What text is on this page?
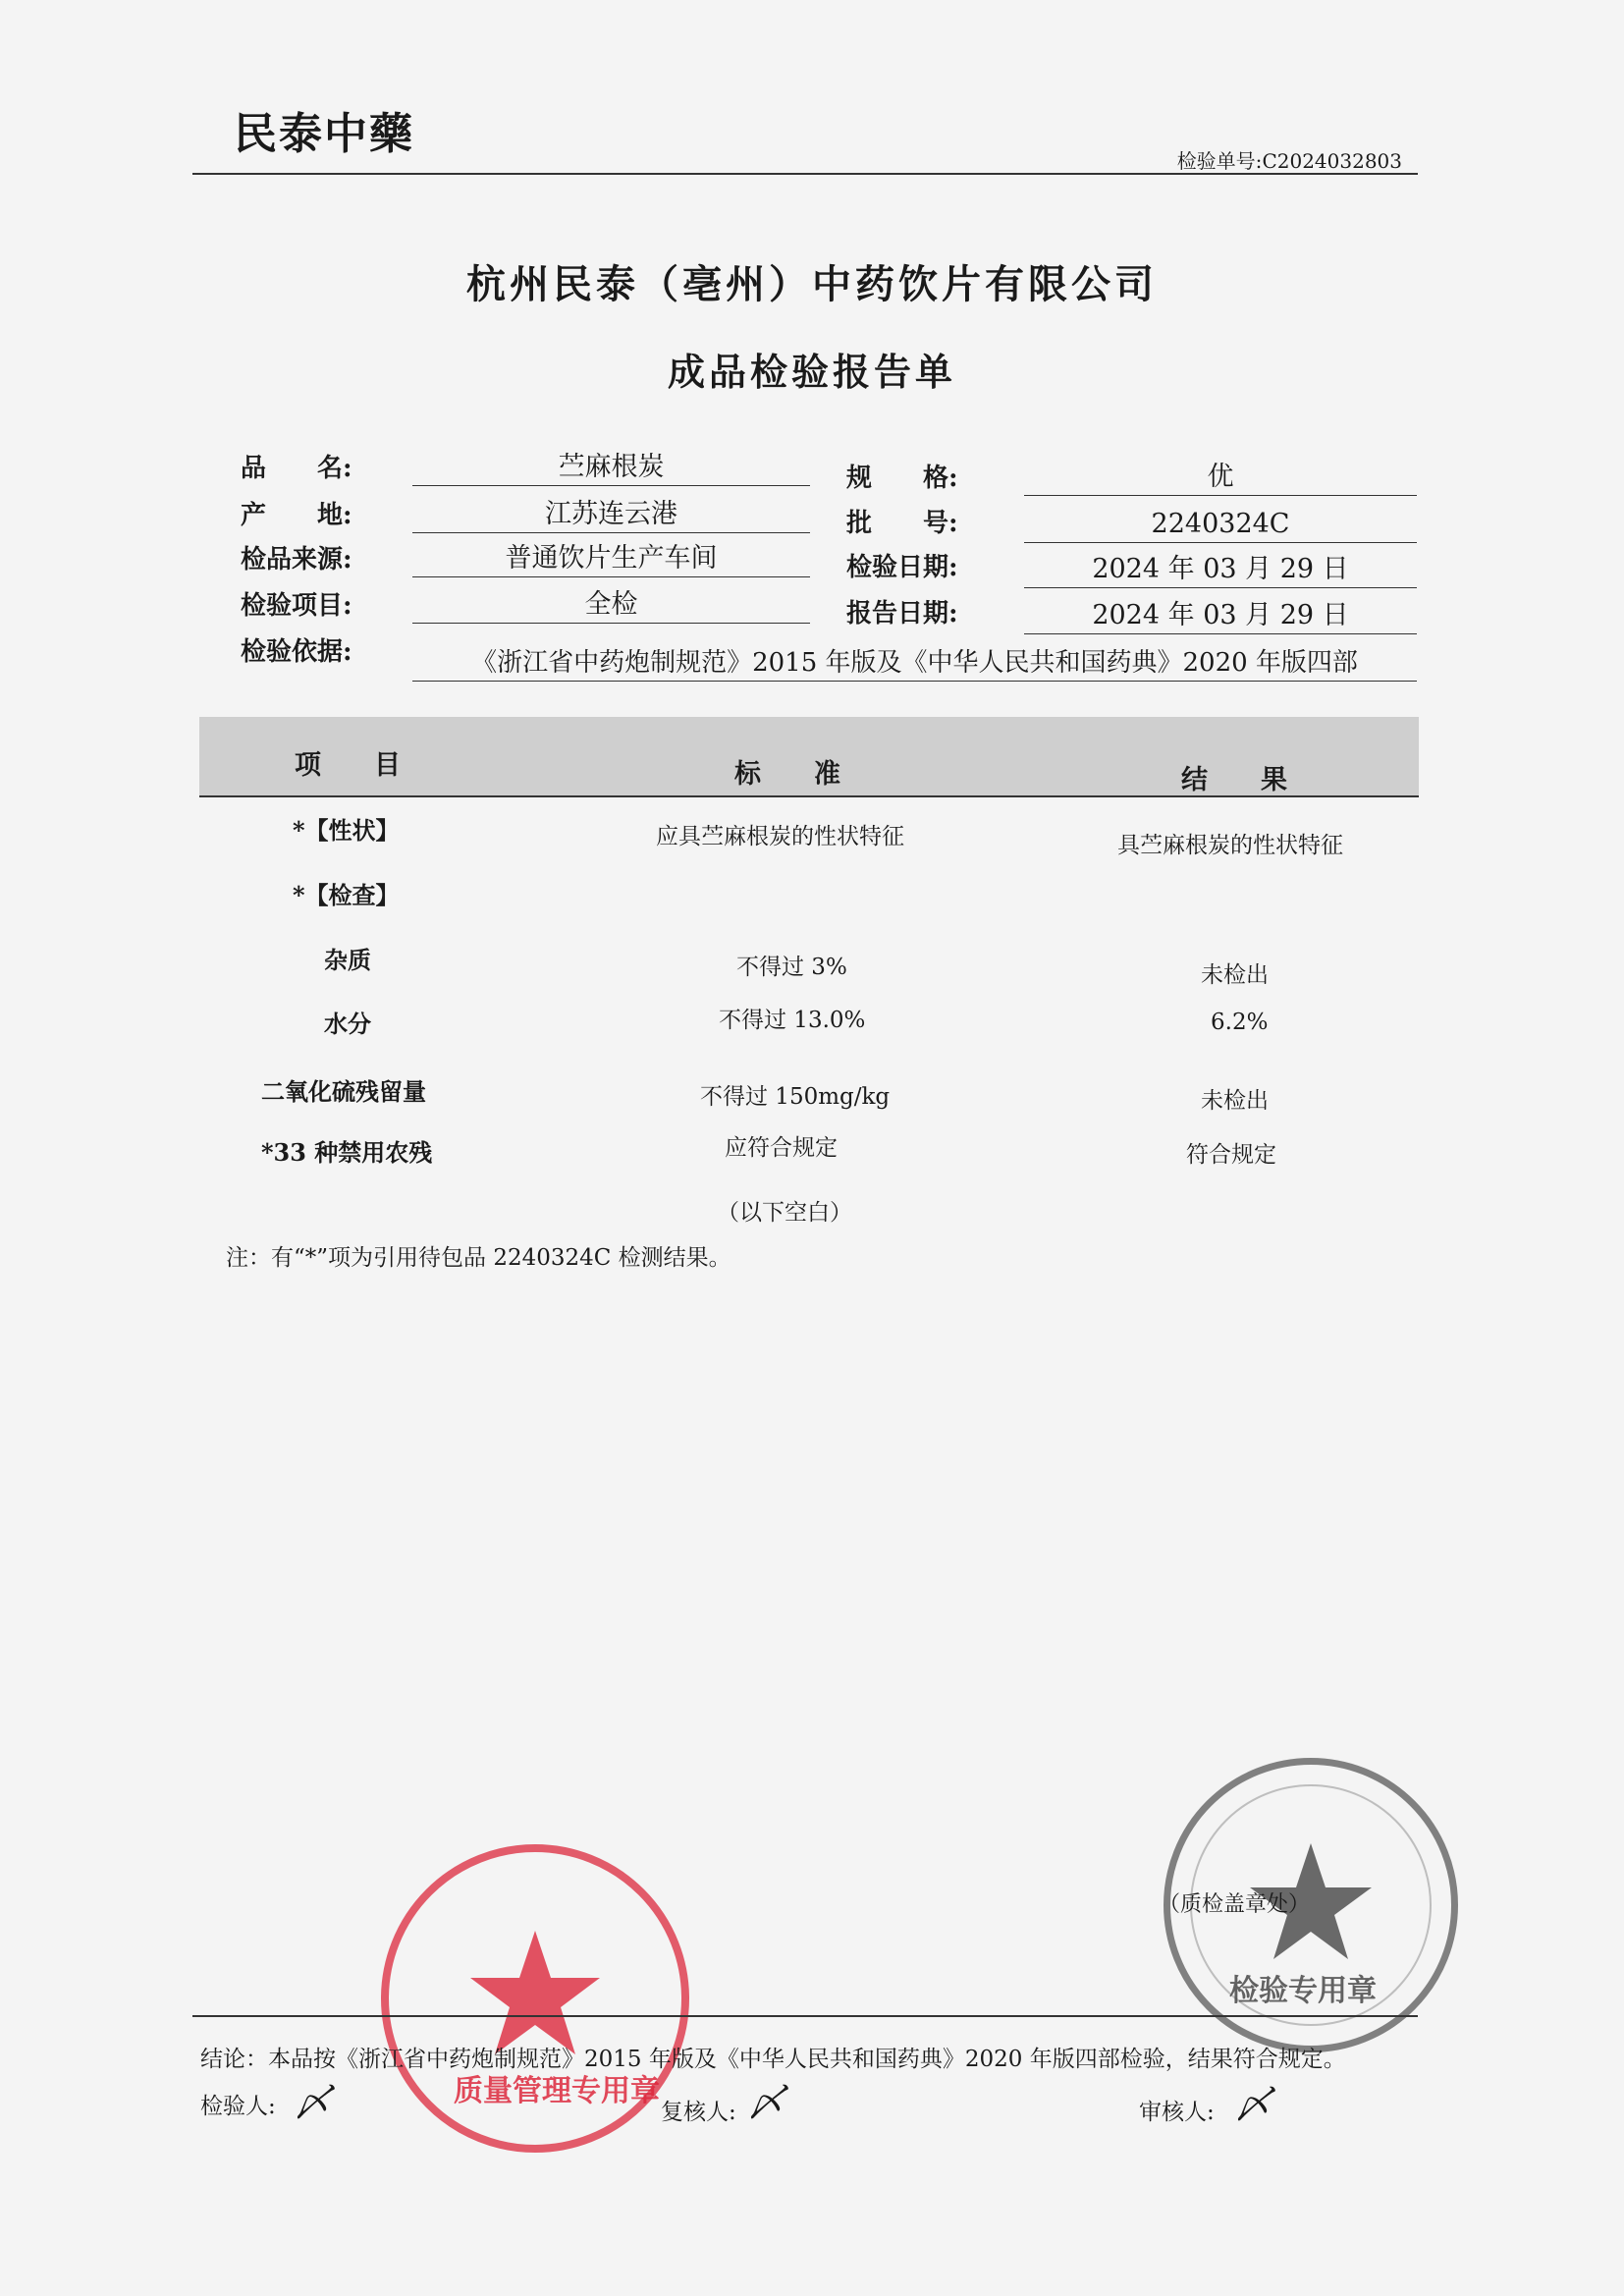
民泰中藥
检验单号:C2024032803
杭州民泰（亳州）中药饮片有限公司
成品检验报告单
品　　名:	苎麻根炭
产　　地:	江苏连云港
检品来源:	普通饮片生产车间
检验项目:	全检
规　　格:	优
批　　号:	2240324C
检验日期:	2024 年 03 月 29 日
报告日期:	2024 年 03 月 29 日
检验依据:	《浙江省中药炮制规范》2015 年版及《中华人民共和国药典》2020 年版四部
项　　目	标　　准	结　　果
*【性状】	应具苎麻根炭的性状特征	具苎麻根炭的性状特征
*【检查】
杂质	不得过 3%	未检出
水分	不得过 13.0%	6.2%
二氧化硫残留量	不得过 150mg/kg	未检出
*33 种禁用农残	应符合规定	符合规定
（以下空白）
注：有“*”项为引用待包品 2240324C 检测结果。
检验专用章
（质检盖章处）
质量管理专用章
结论：本品按《浙江省中药炮制规范》2015 年版及《中华人民共和国药典》2020 年版四部检验，结果符合规定。
检验人: 〆	复核人: 〆	审核人: 〆
